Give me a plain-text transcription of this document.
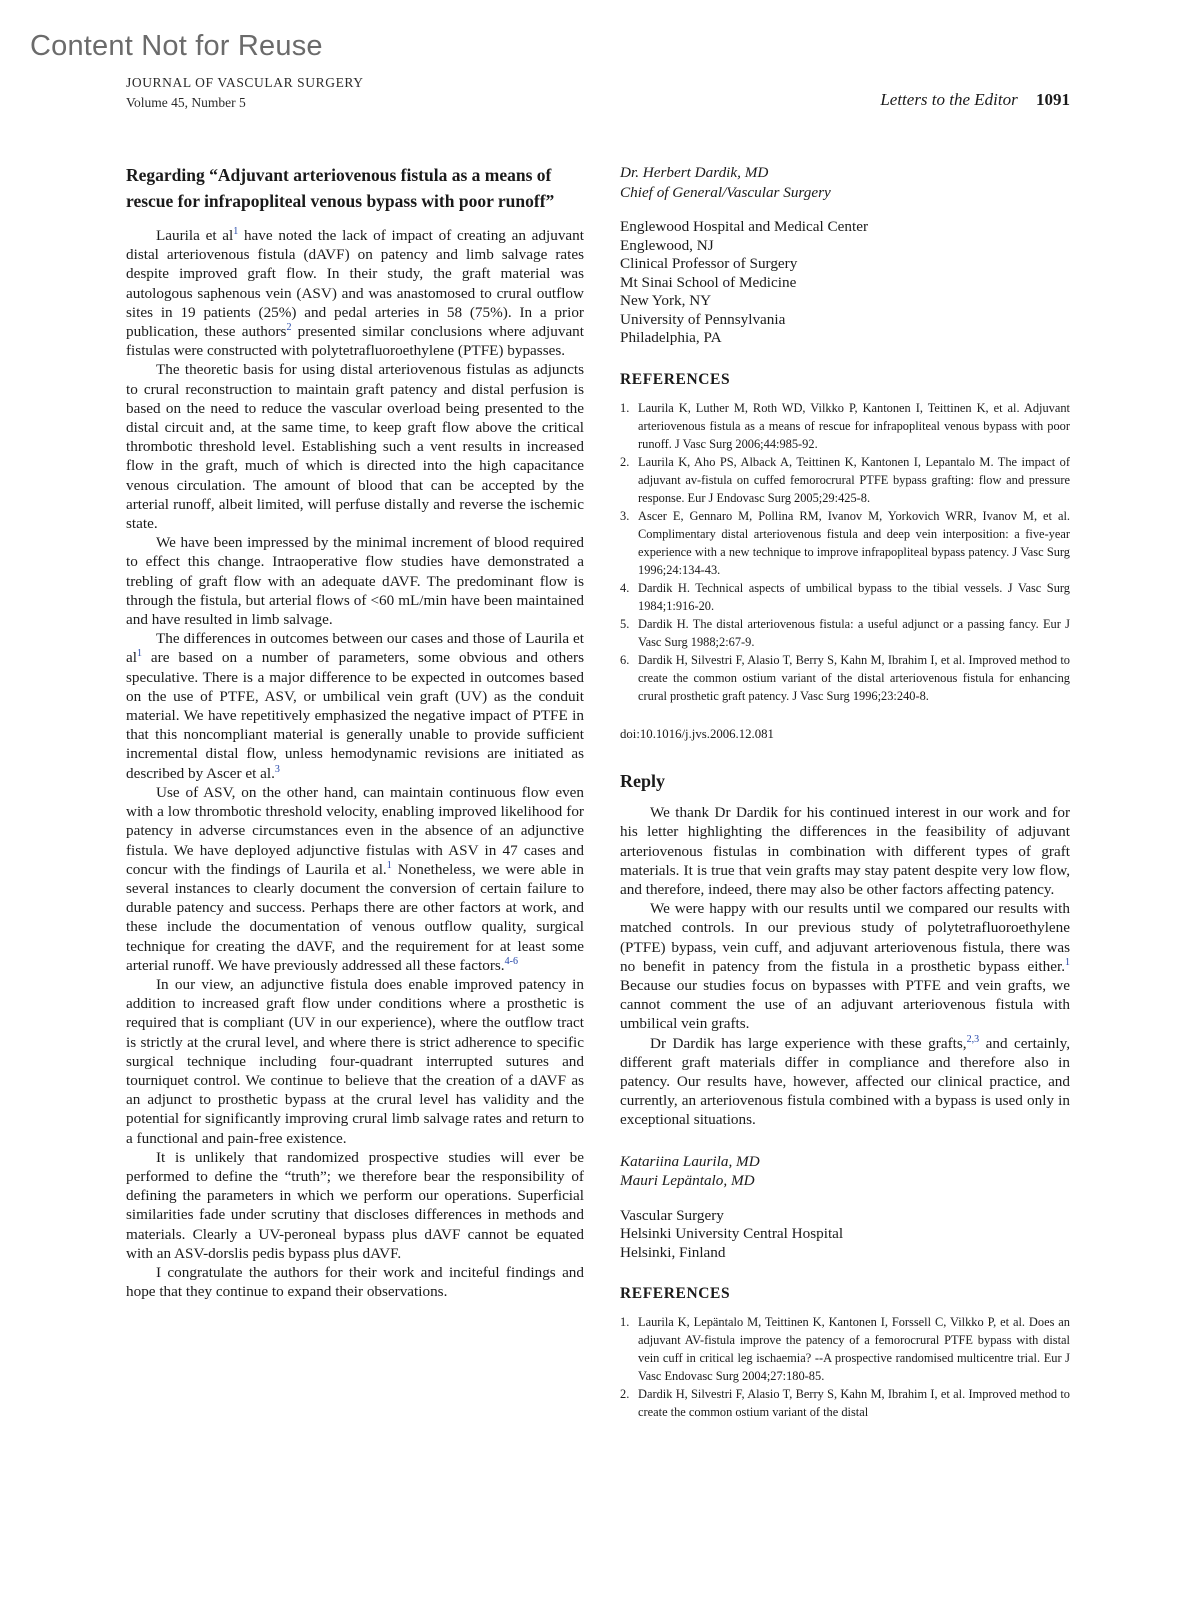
Content Not for Reuse
JOURNAL OF VASCULAR SURGERY
Volume 45, Number 5	Letters to the Editor 1091
Regarding “Adjuvant arteriovenous fistula as a means of rescue for infrapopliteal venous bypass with poor runoff”
Laurila et $al^1$ have noted the lack of impact of creating an adjuvant distal arteriovenous fistula (dAVF) on patency and limb salvage rates despite improved graft flow. In their study, the graft material was autologous saphenous vein (ASV) and was anastomosed to crural outflow sites in 19 patients (25%) and pedal arteries in 58 (75%). In a prior publication, these authors$^2$ presented similar conclusions where adjuvant fistulas were constructed with polytetrafluoroethylene (PTFE) bypasses.
The theoretic basis for using distal arteriovenous fistulas as adjuncts to crural reconstruction to maintain graft patency and distal perfusion is based on the need to reduce the vascular overload being presented to the distal circuit and, at the same time, to keep graft flow above the critical thrombotic threshold level. Establishing such a vent results in increased flow in the graft, much of which is directed into the high capacitance venous circulation. The amount of blood that can be accepted by the arterial runoff, albeit limited, will perfuse distally and reverse the ischemic state.
We have been impressed by the minimal increment of blood required to effect this change. Intraoperative flow studies have demonstrated a trebling of graft flow with an adequate dAVF. The predominant flow is through the fistula, but arterial flows of <60 mL/min have been maintained and have resulted in limb salvage.
The differences in outcomes between our cases and those of Laurila et $al^1$ are based on a number of parameters, some obvious and others speculative. There is a major difference to be expected in outcomes based on the use of PTFE, ASV, or umbilical vein graft (UV) as the conduit material. We have repetitively emphasized the negative impact of PTFE in that this noncompliant material is generally unable to provide sufficient incremental distal flow, unless hemodynamic revisions are initiated as described by Ascer et al.$^3$
Use of ASV, on the other hand, can maintain continuous flow even with a low thrombotic threshold velocity, enabling improved likelihood for patency in adverse circumstances even in the absence of an adjunctive fistula. We have deployed adjunctive fistulas with ASV in 47 cases and concur with the findings of Laurila et al.$^1$ Nonetheless, we were able in several instances to clearly document the conversion of certain failure to durable patency and success. Perhaps there are other factors at work, and these include the documentation of venous outflow quality, surgical technique for creating the dAVF, and the requirement for at least some arterial runoff. We have previously addressed all these factors.$^{4-6}$
In our view, an adjunctive fistula does enable improved patency in addition to increased graft flow under conditions where a prosthetic is required that is compliant (UV in our experience), where the outflow tract is strictly at the crural level, and where there is strict adherence to specific surgical technique including four-quadrant interrupted sutures and tourniquet control. We continue to believe that the creation of a dAVF as an adjunct to prosthetic bypass at the crural level has validity and the potential for significantly improving crural limb salvage rates and return to a functional and pain-free existence.
It is unlikely that randomized prospective studies will ever be performed to define the “truth”; we therefore bear the responsibility of defining the parameters in which we perform our operations. Superficial similarities fade under scrutiny that discloses differences in methods and materials. Clearly a UV-peroneal bypass plus dAVF cannot be equated with an ASV-dorslis pedis bypass plus dAVF.
I congratulate the authors for their work and inciteful findings and hope that they continue to expand their observations.
Dr. Herbert Dardik, MD
Chief of General/Vascular Surgery
Englewood Hospital and Medical Center
Englewood, NJ
Clinical Professor of Surgery
Mt Sinai School of Medicine
New York, NY
University of Pennsylvania
Philadelphia, PA
REFERENCES
1. Laurila K, Luther M, Roth WD, Vilkko P, Kantonen I, Teittinen K, et al. Adjuvant arteriovenous fistula as a means of rescue for infrapopliteal venous bypass with poor runoff. J Vasc Surg 2006;44:985-92.
2. Laurila K, Aho PS, Alback A, Teittinen K, Kantonen I, Lepantalo M. The impact of adjuvant av-fistula on cuffed femorocrural PTFE bypass grafting: flow and pressure response. Eur J Endovasc Surg 2005;29:425-8.
3. Ascer E, Gennaro M, Pollina RM, Ivanov M, Yorkovich WRR, Ivanov M, et al. Complimentary distal arteriovenous fistula and deep vein interposition: a five-year experience with a new technique to improve infrapopliteal bypass patency. J Vasc Surg 1996;24:134-43.
4. Dardik H. Technical aspects of umbilical bypass to the tibial vessels. J Vasc Surg 1984;1:916-20.
5. Dardik H. The distal arteriovenous fistula: a useful adjunct or a passing fancy. Eur J Vasc Surg 1988;2:67-9.
6. Dardik H, Silvestri F, Alasio T, Berry S, Kahn M, Ibrahim I, et al. Improved method to create the common ostium variant of the distal arteriovenous fistula for enhancing crural prosthetic graft patency. J Vasc Surg 1996;23:240-8.
doi:10.1016/j.jvs.2006.12.081
Reply
We thank Dr Dardik for his continued interest in our work and for his letter highlighting the differences in the feasibility of adjuvant arteriovenous fistulas in combination with different types of graft materials. It is true that vein grafts may stay patent despite very low flow, and therefore, indeed, there may also be other factors affecting patency.
We were happy with our results until we compared our results with matched controls. In our previous study of polytetrafluoroethylene (PTFE) bypass, vein cuff, and adjuvant arteriovenous fistula, there was no benefit in patency from the fistula in a prosthetic bypass either.$^1$ Because our studies focus on bypasses with PTFE and vein grafts, we cannot comment the use of an adjuvant arteriovenous fistula with umbilical vein grafts.
Dr Dardik has large experience with these grafts,$^{2,3}$ and certainly, different graft materials differ in compliance and therefore also in patency. Our results have, however, affected our clinical practice, and currently, an arteriovenous fistula combined with a bypass is used only in exceptional situations.
Katariina Laurila, MD
Mauri Lepäntalo, MD
Vascular Surgery
Helsinki University Central Hospital
Helsinki, Finland
REFERENCES
1. Laurila K, Lepäntalo M, Teittinen K, Kantonen I, Forssell C, Vilkko P, et al. Does an adjuvant AV-fistula improve the patency of a femorocrural PTFE bypass with distal vein cuff in critical leg ischaemia? --A prospective randomised multicentre trial. Eur J Vasc Endovasc Surg 2004;27:180-85.
2. Dardik H, Silvestri F, Alasio T, Berry S, Kahn M, Ibrahim I, et al. Improved method to create the common ostium variant of the distal
